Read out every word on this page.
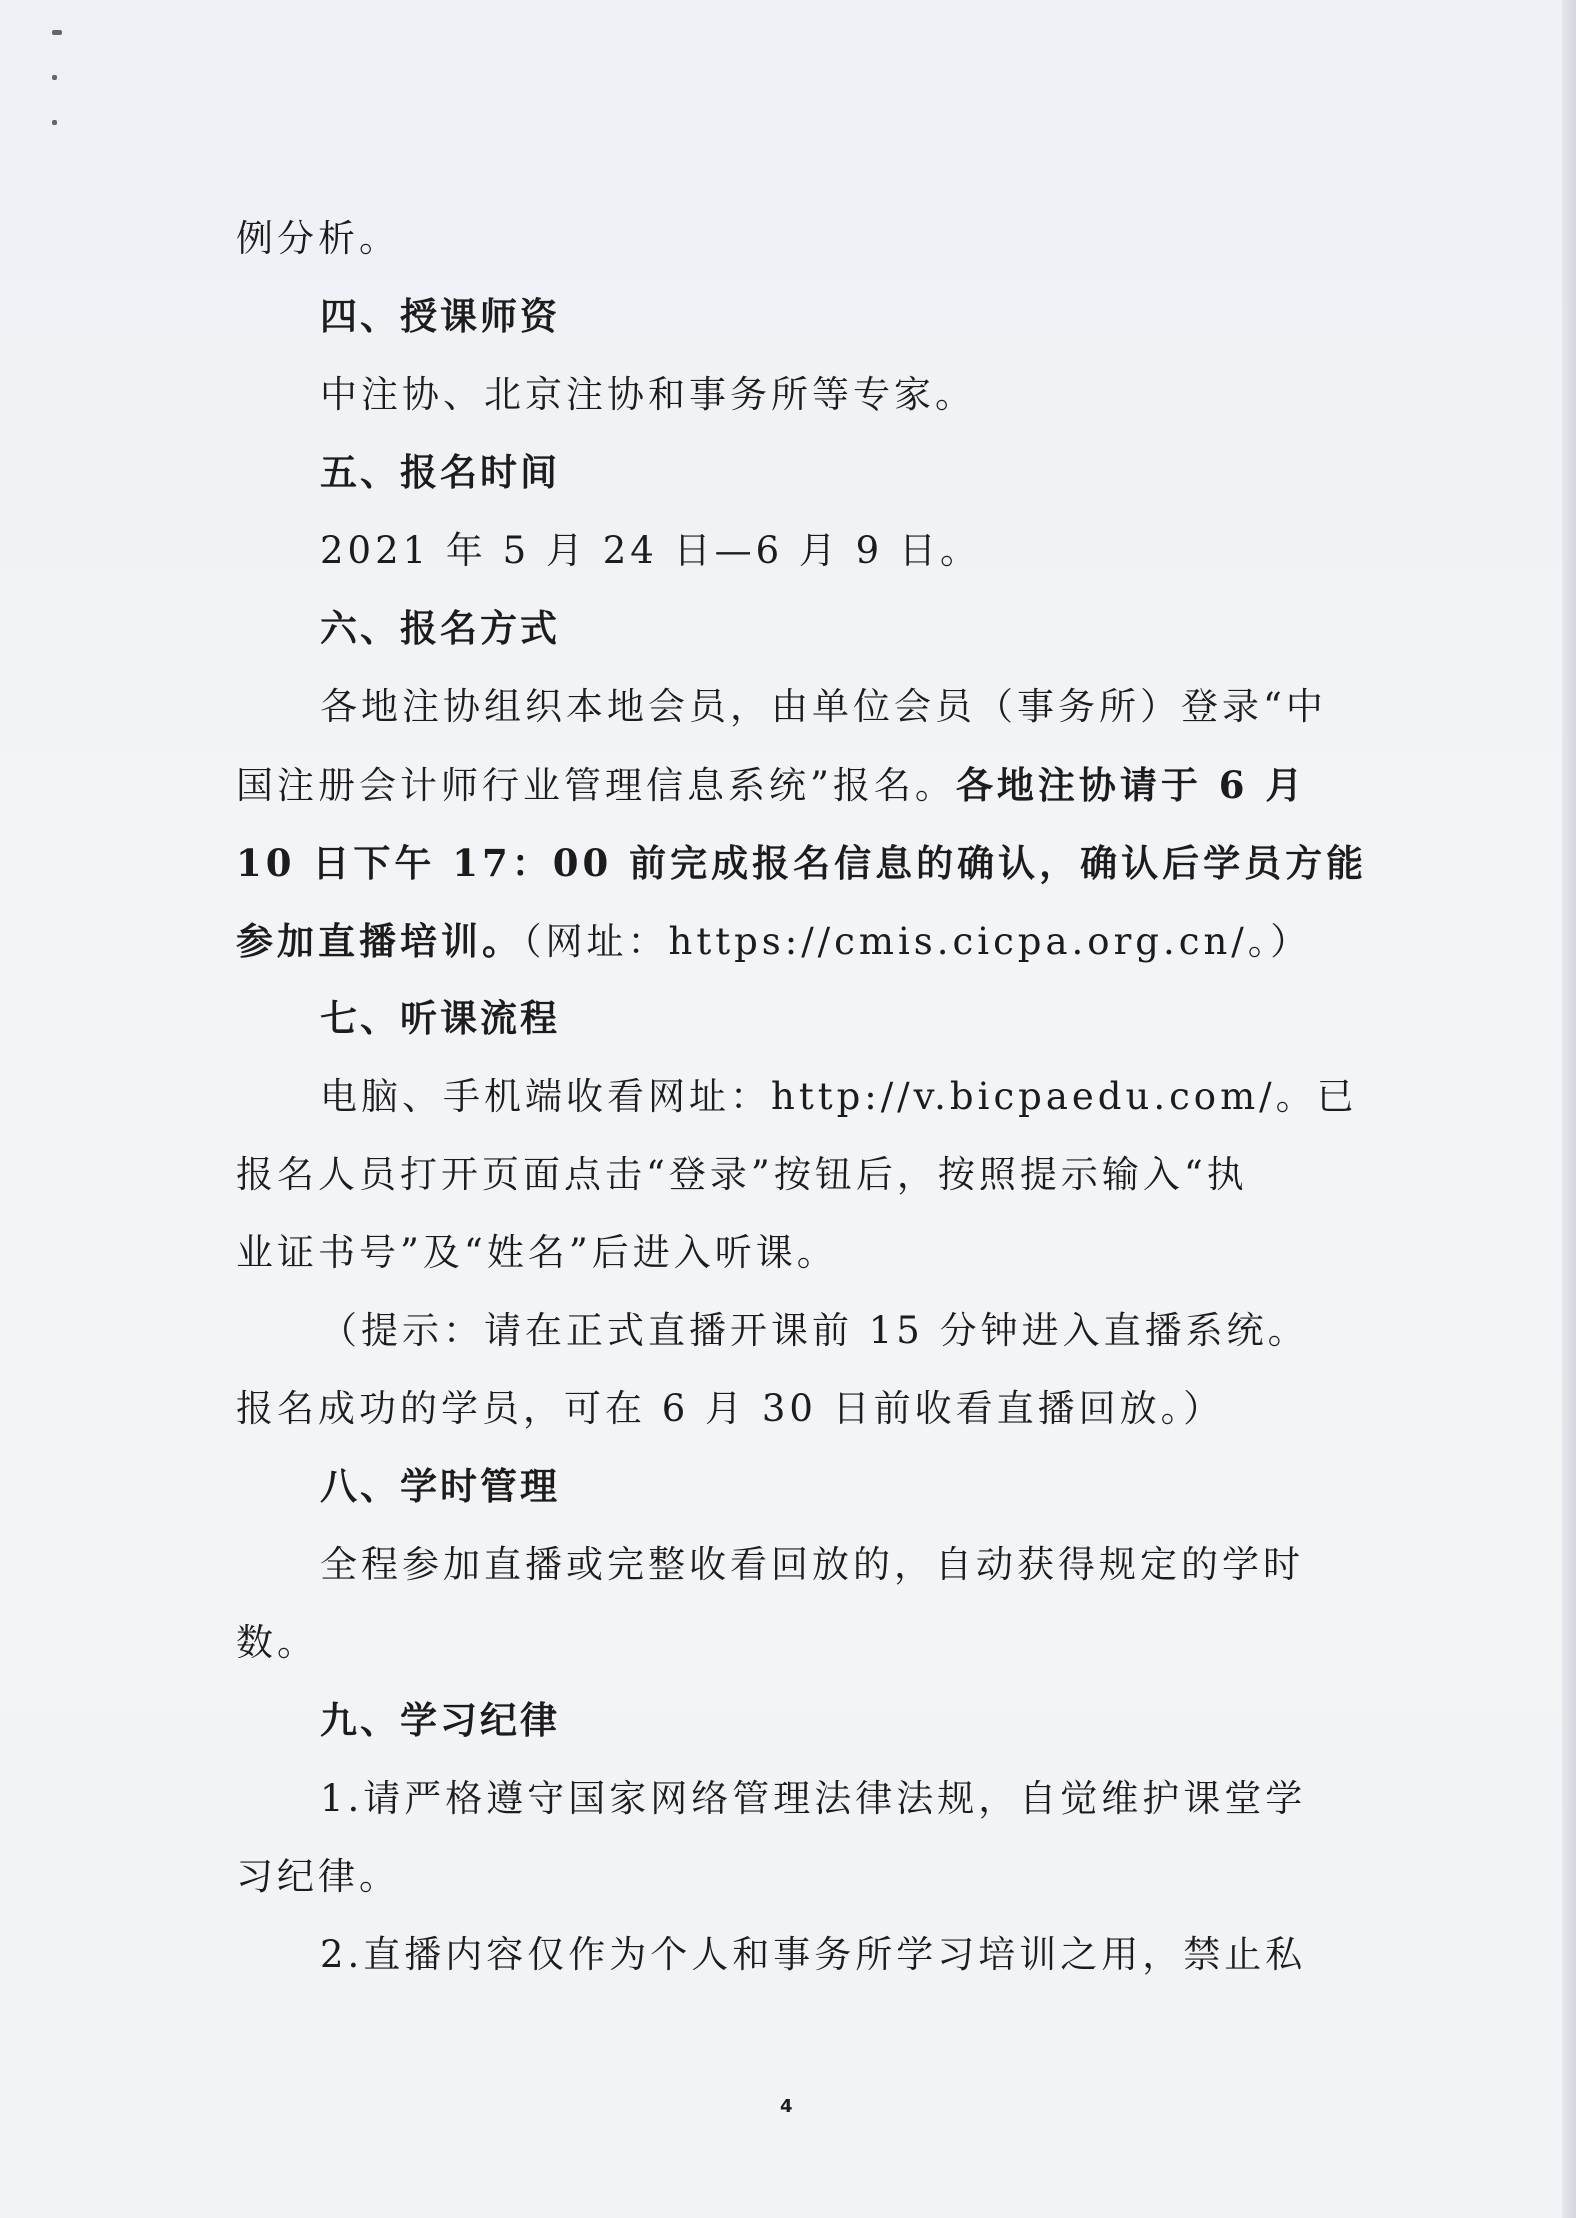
例分析。
四、授课师资
中注协、北京注协和事务所等专家。
五、报名时间
2021 年 5 月 24 日—6 月 9 日。
六、报名方式
各地注协组织本地会员，由单位会员（事务所）登录“中
国注册会计师行业管理信息系统”报名。各地注协请于 6 月
10 日下午 17：00 前完成报名信息的确认，确认后学员方能
参加直播培训。（网址：https://cmis.cicpa.org.cn/。）
七、听课流程
电脑、手机端收看网址：http://v.bicpaedu.com/。已
报名人员打开页面点击“登录”按钮后，按照提示输入“执
业证书号”及“姓名”后进入听课。
（提示：请在正式直播开课前 15 分钟进入直播系统。
报名成功的学员，可在 6 月 30 日前收看直播回放。）
八、学时管理
全程参加直播或完整收看回放的，自动获得规定的学时
数。
九、学习纪律
1.请严格遵守国家网络管理法律法规，自觉维护课堂学
习纪律。
2.直播内容仅作为个人和事务所学习培训之用，禁止私
4
